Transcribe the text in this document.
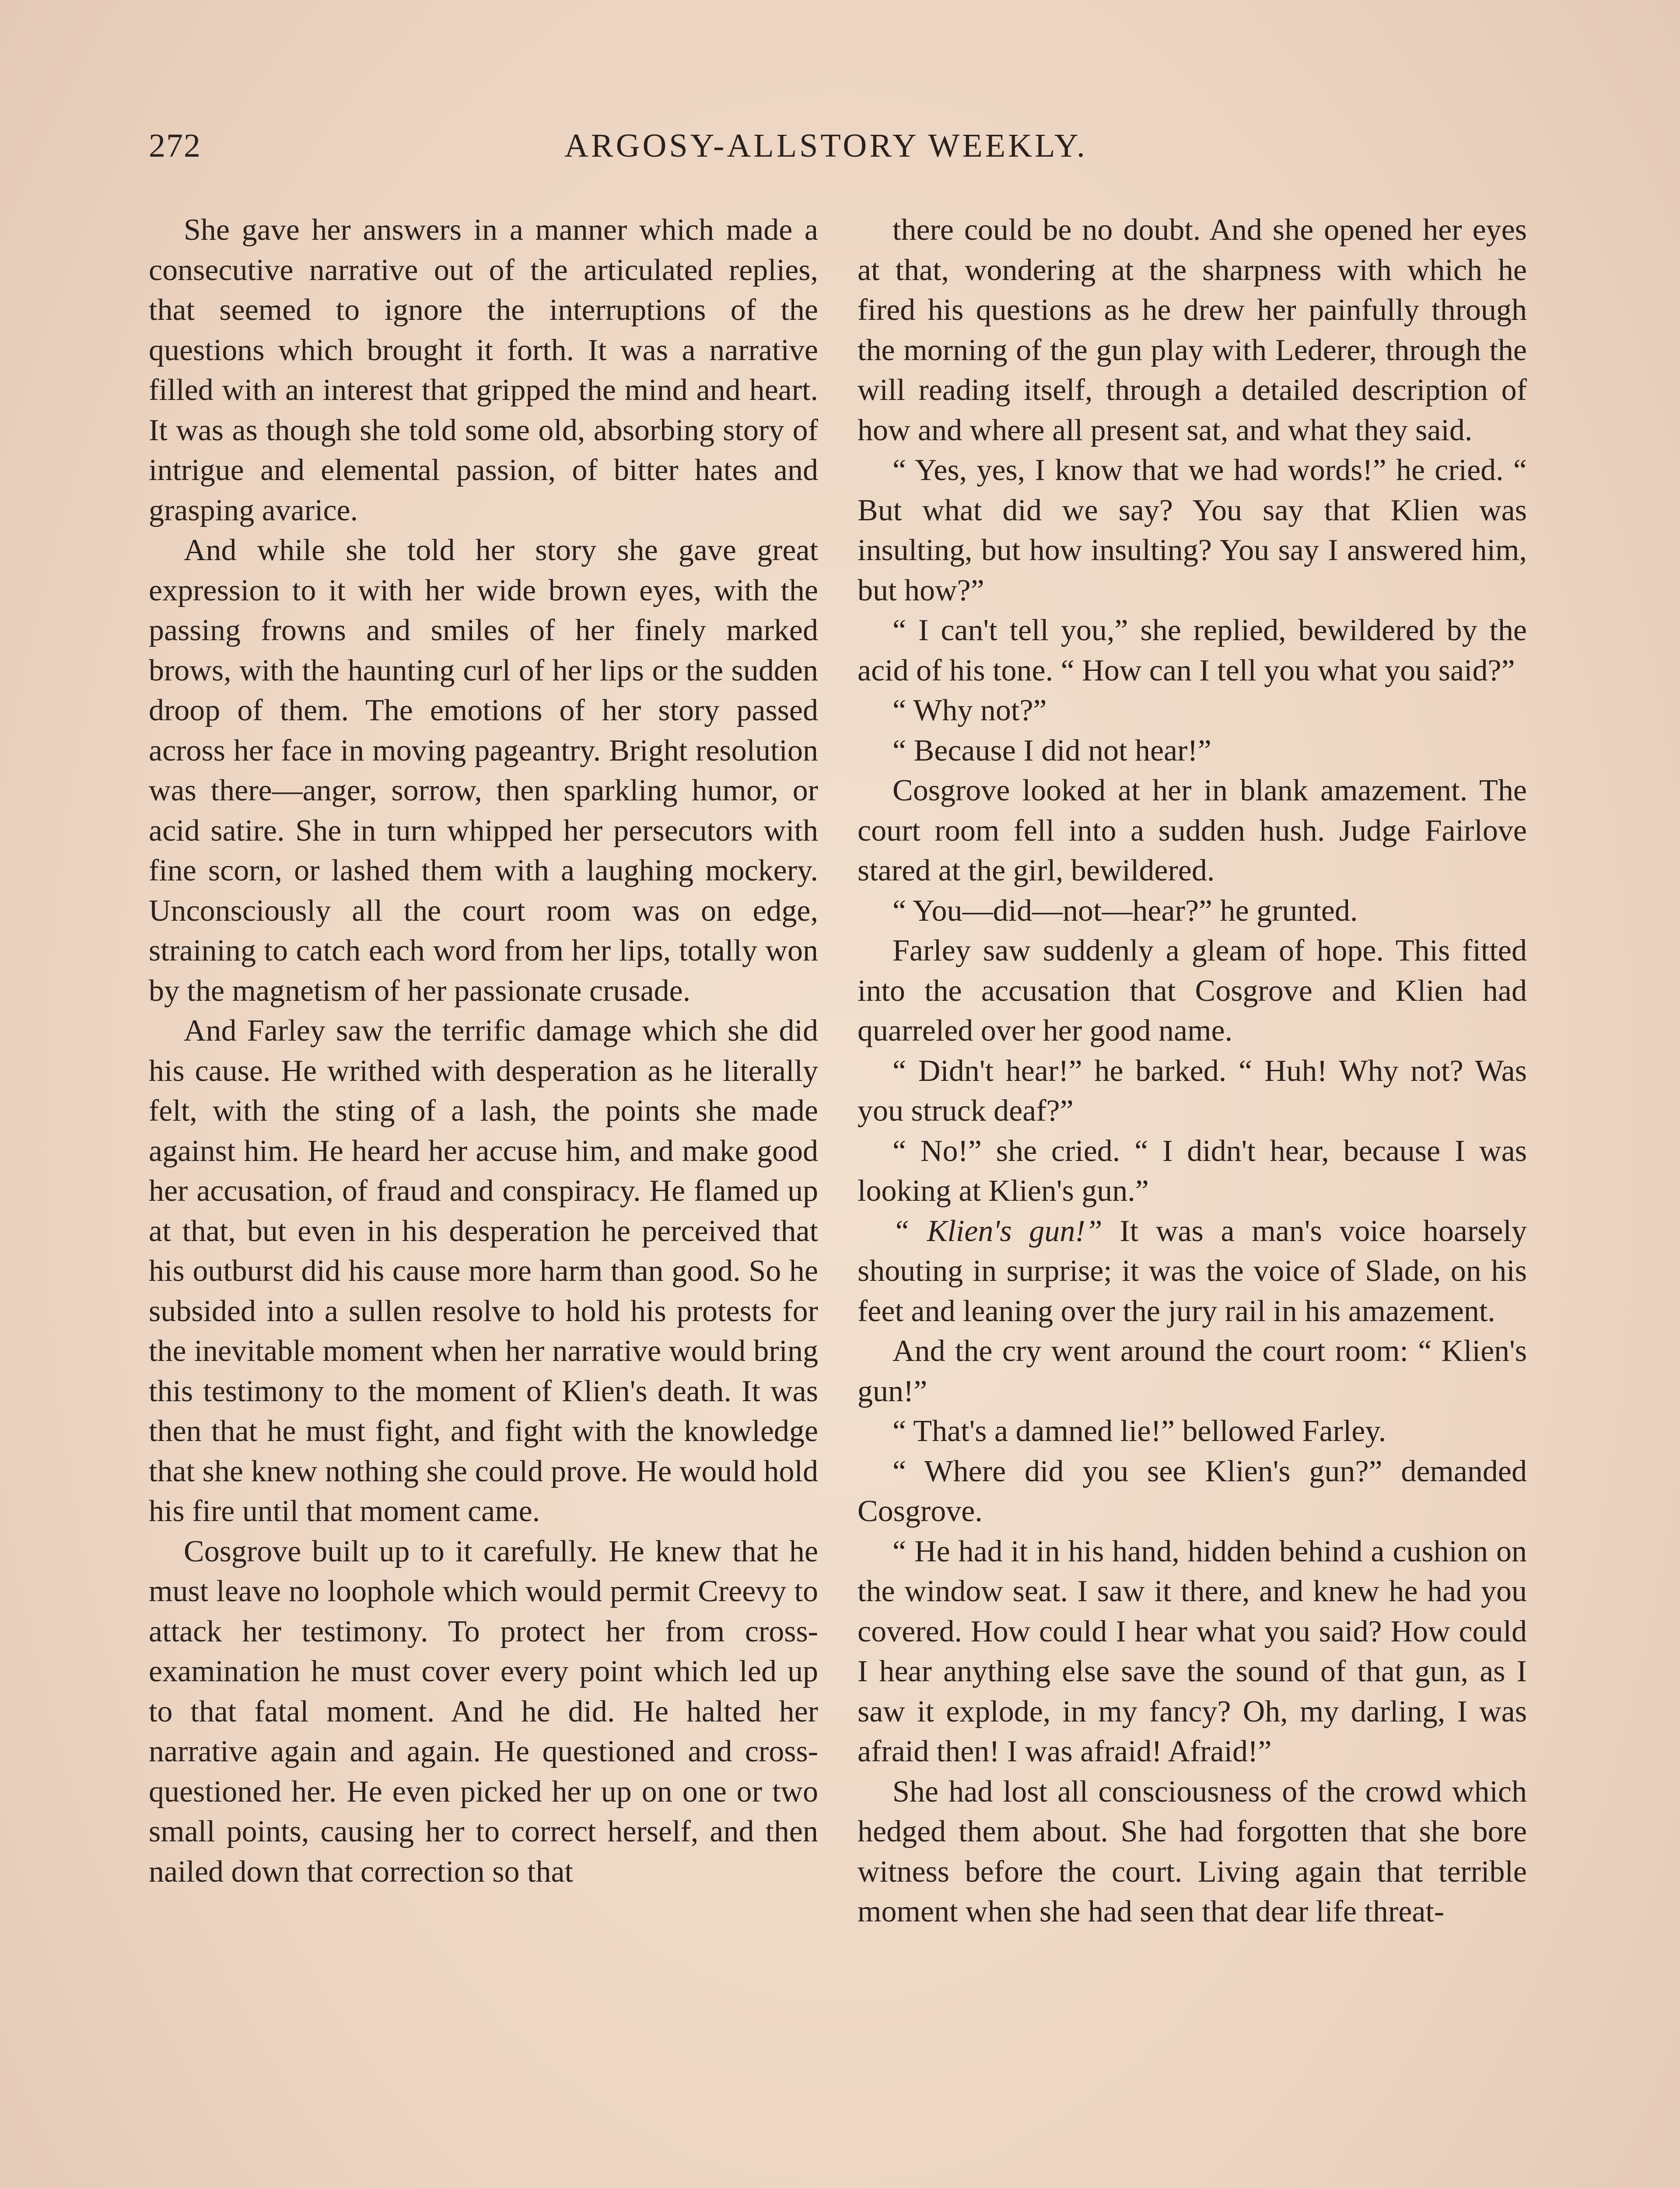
272	ARGOSY-ALLSTORY WEEKLY.

She gave her answers in a manner which made a consecutive narrative out of the articulated replies, that seemed to ignore the interruptions of the questions which brought it forth. It was a narrative filled with an interest that gripped the mind and heart. It was as though she told some old, absorbing story of intrigue and elemental passion, of bitter hates and grasping avarice.

And while she told her story she gave great expression to it with her wide brown eyes, with the passing frowns and smiles of her finely marked brows, with the haunting curl of her lips or the sudden droop of them. The emotions of her story passed across her face in moving pageantry. Bright resolution was there—anger, sorrow, then sparkling humor, or acid satire. She in turn whipped her persecutors with fine scorn, or lashed them with a laughing mockery. Unconsciously all the court room was on edge, straining to catch each word from her lips, totally won by the magnetism of her passionate crusade.

And Farley saw the terrific damage which she did his cause. He writhed with desperation as he literally felt, with the sting of a lash, the points she made against him. He heard her accuse him, and make good her accusation, of fraud and conspiracy. He flamed up at that, but even in his desperation he perceived that his outburst did his cause more harm than good. So he subsided into a sullen resolve to hold his protests for the inevitable moment when her narrative would bring this testimony to the moment of Klien's death. It was then that he must fight, and fight with the knowledge that she knew nothing she could prove. He would hold his fire until that moment came.

Cosgrove built up to it carefully. He knew that he must leave no loophole which would permit Creevy to attack her testimony. To protect her from cross-examination he must cover every point which led up to that fatal moment. And he did. He halted her narrative again and again. He questioned and cross-questioned her. He even picked her up on one or two small points, causing her to correct herself, and then nailed down that correction so that

there could be no doubt. And she opened her eyes at that, wondering at the sharpness with which he fired his questions as he drew her painfully through the morning of the gun play with Lederer, through the will reading itself, through a detailed description of how and where all present sat, and what they said.

“ Yes, yes, I know that we had words!” he cried. “ But what did we say? You say that Klien was insulting, but how insulting? You say I answered him, but how?”

“ I can't tell you,” she replied, bewildered by the acid of his tone. “ How can I tell you what you said?”

“ Why not?”

“ Because I did not hear!”

Cosgrove looked at her in blank amazement. The court room fell into a sudden hush. Judge Fairlove stared at the girl, bewildered.

“ You—did—not—hear?” he grunted.

Farley saw suddenly a gleam of hope. This fitted into the accusation that Cosgrove and Klien had quarreled over her good name.

“ Didn't hear!” he barked. “ Huh! Why not? Was you struck deaf?”

“ No!” she cried. “ I didn't hear, because I was looking at Klien's gun.”

“ Klien's gun!” It was a man's voice hoarsely shouting in surprise; it was the voice of Slade, on his feet and leaning over the jury rail in his amazement.

And the cry went around the court room: “ Klien's gun!”

“ That's a damned lie!” bellowed Farley.

“ Where did you see Klien's gun?” demanded Cosgrove.

“ He had it in his hand, hidden behind a cushion on the window seat. I saw it there, and knew he had you covered. How could I hear what you said? How could I hear anything else save the sound of that gun, as I saw it explode, in my fancy? Oh, my darling, I was afraid then! I was afraid! Afraid!”

She had lost all consciousness of the crowd which hedged them about. She had forgotten that she bore witness before the court. Living again that terrible moment when she had seen that dear life threat-
